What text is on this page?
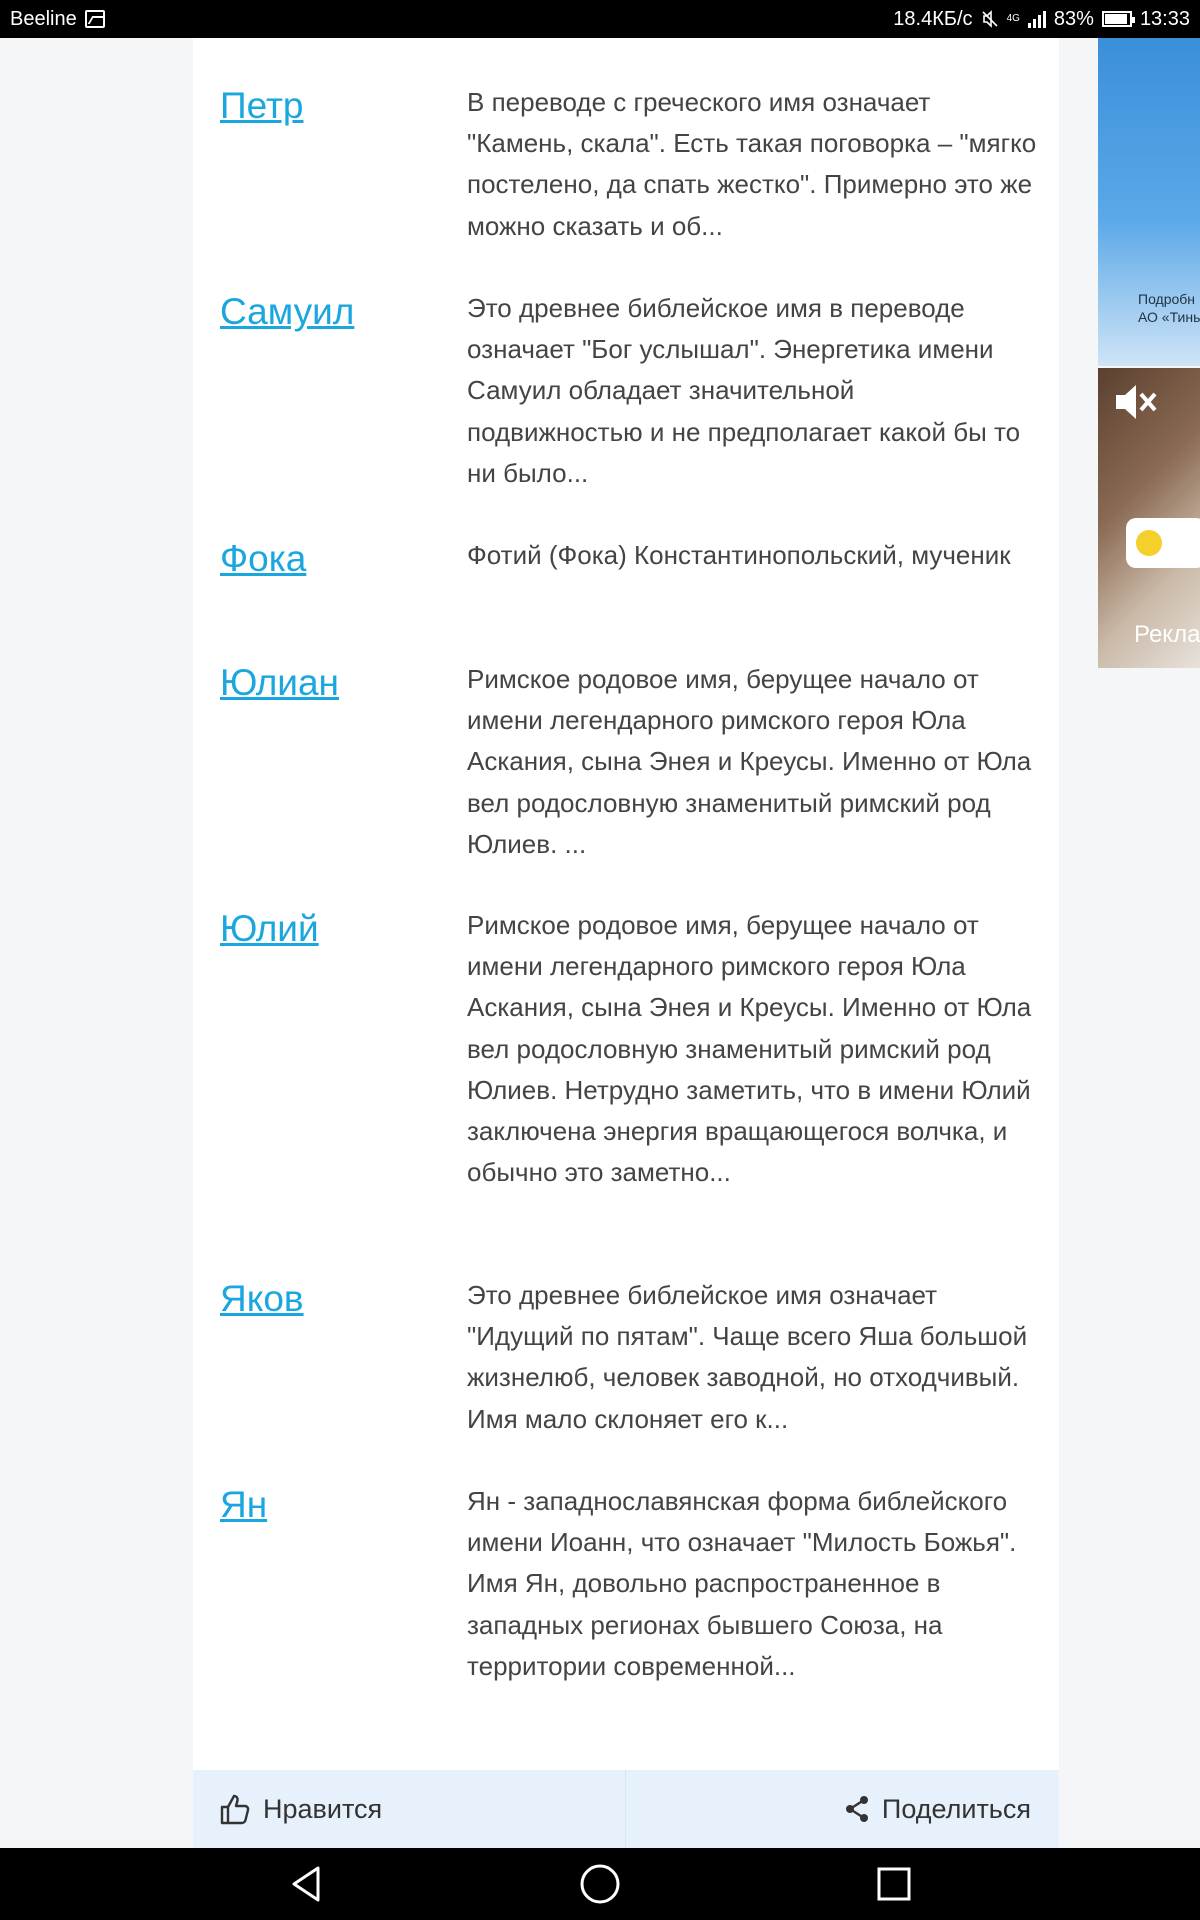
Beeline	18.4КБ/с	4G 83% 13:33
Петр	В переводе с греческого имя означает "Камень, скала". Есть такая поговорка – "мягко постелено, да спать жестко". Примерно это же можно сказать и об...

Самуил	Это древнее библейское имя в переводе означает "Бог услышал". Энергетика имени Самуил обладает значительной подвижностью и не предполагает какой бы то ни было...

Фока	Фотий (Фока) Константинопольский, мученик

Юлиан	Римское родовое имя, берущее начало от имени легендарного римского героя Юла Аскания, сына Энея и Креусы. Именно от Юла вел родословную знаменитый римский род Юлиев. ...

Юлий	Римское родовое имя, берущее начало от имени легендарного римского героя Юла Аскания, сына Энея и Креусы. Именно от Юла вел родословную знаменитый римский род Юлиев. Нетрудно заметить, что в имени Юлий заключена энергия вращающегося волчка, и обычно это заметно...

Яков	Это древнее библейское имя означает "Идущий по пятам". Чаще всего Яша большой жизнелюб, человек заводной, но отходчивый. Имя мало склоняет его к...

Ян	Ян - западнославянская форма библейского имени Иоанн, что означает "Милость Божья". Имя Ян, довольно распространенное в западных регионах бывшего Союза, на территории современной...

Нравится	Поделиться
Подробн
АО «Тинь
Рекла
